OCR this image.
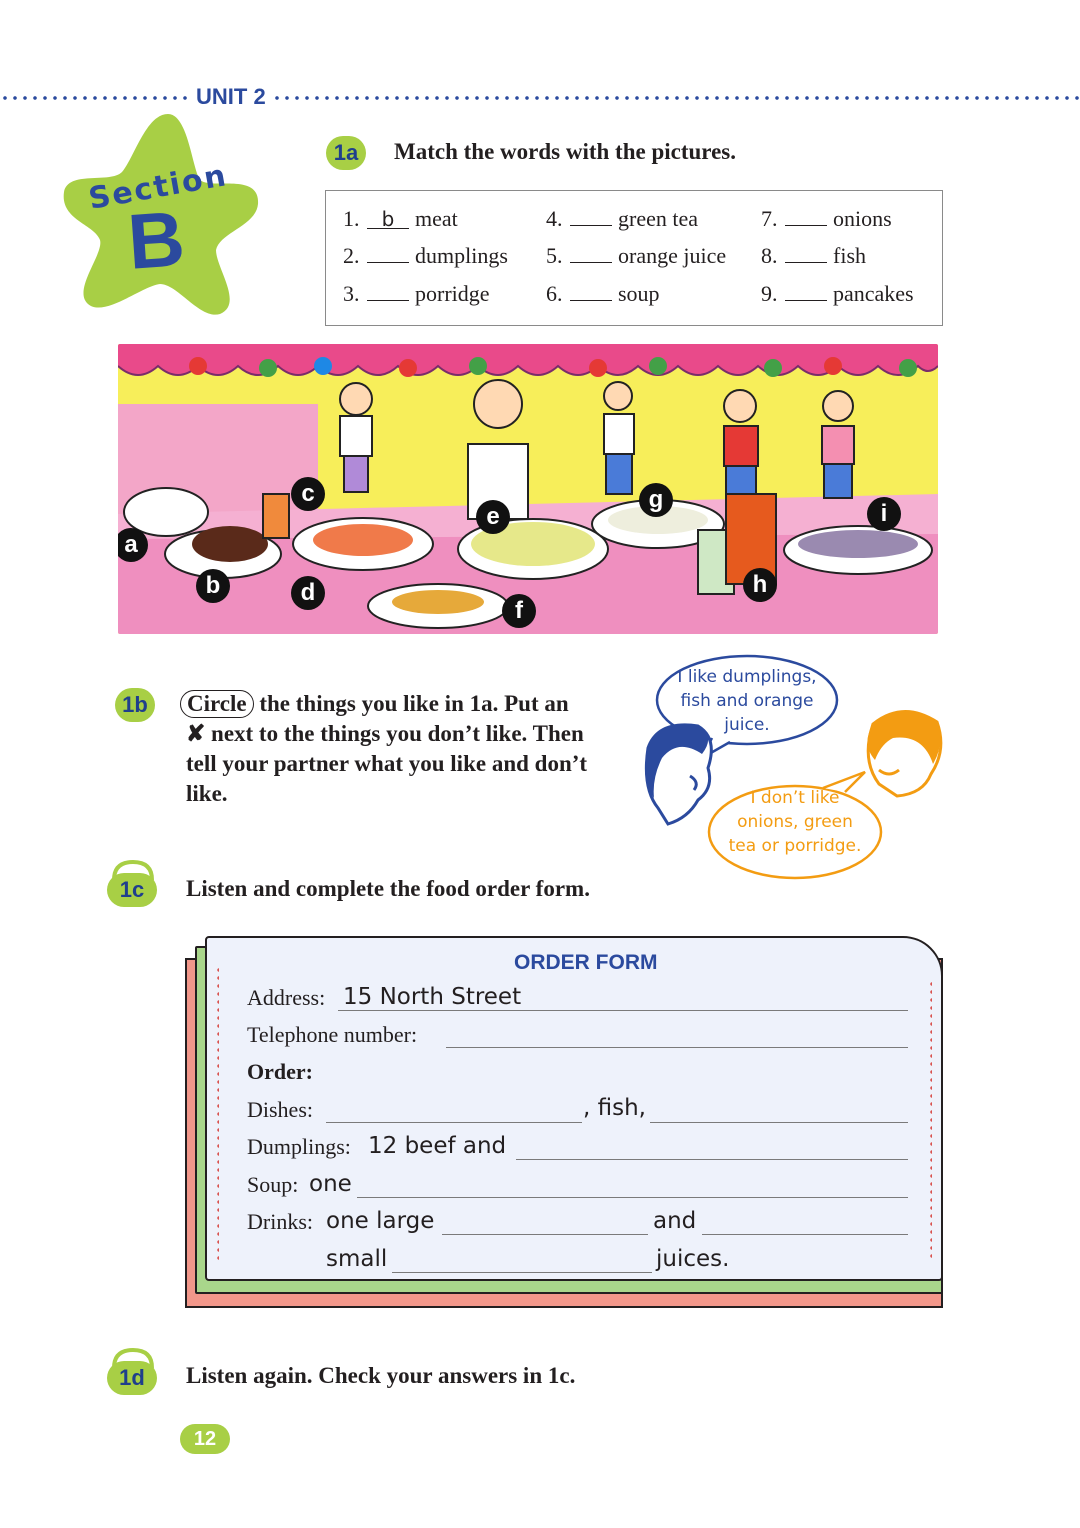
UNIT 2
Section
B
1a	Match the words with the pictures.
1. b meat
2.	dumplings
3.	porridge
4.	green tea
5.	orange juice
6.	soup
7.	onions
8.	fish
9.	pancakes
a
b
c
d
e
f
g
h
i
1b	Circle the things you like in 1a. Put an
✘ next to the things you don’t like. Then
tell your partner what you like and don’t
like.
I like dumplings,
fish and orange
juice.
I don’t like
onions, green
tea or porridge.
1c	Listen and complete the food order form.
ORDER FORM
Address: 15 North Street
Telephone number:
Order:
Dishes:	, fish,
Dumplings: 12 beef and
Soup: one
Drinks: one large	and
small	juices.
1d	Listen again. Check your answers in 1c.
12
